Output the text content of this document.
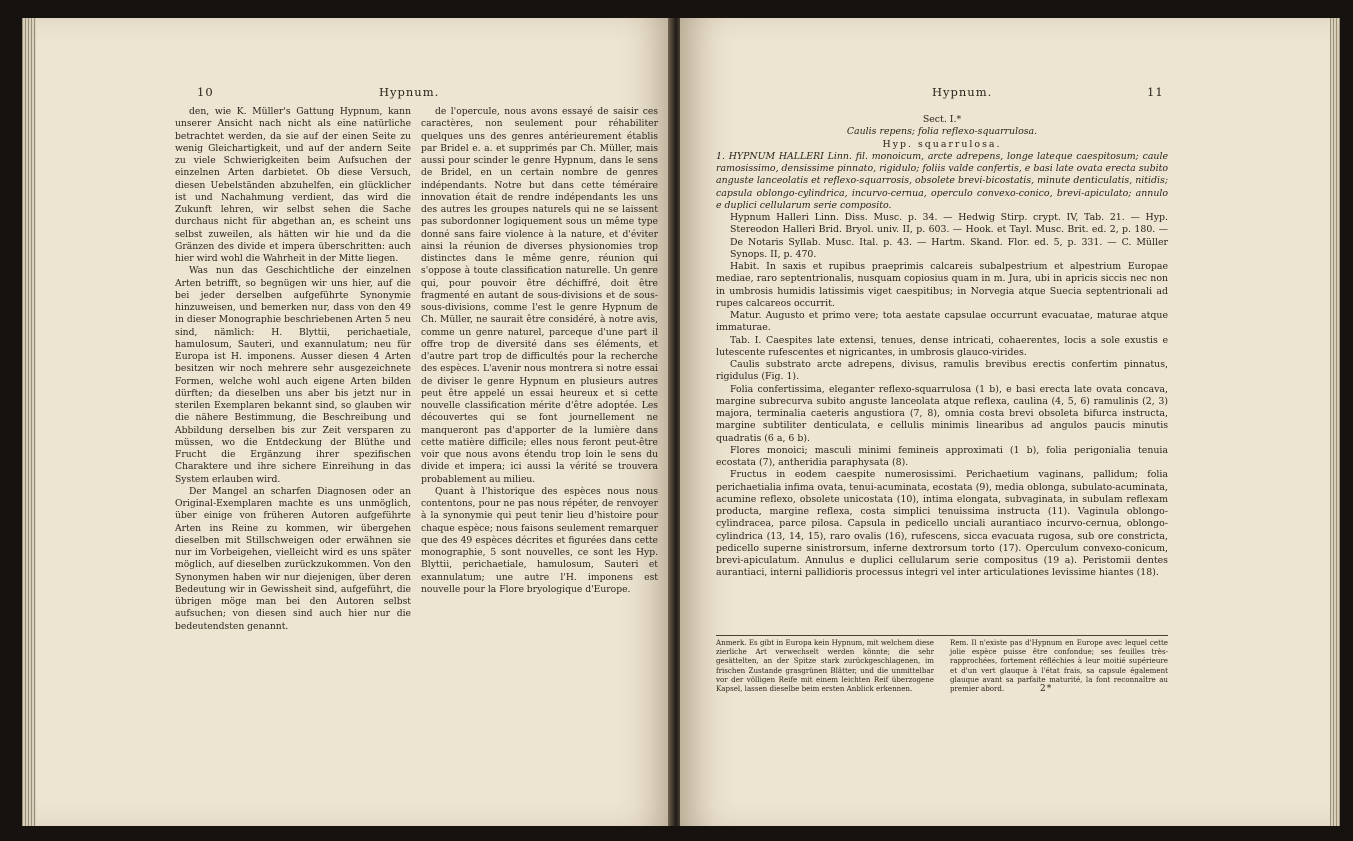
10	Hypnum.

den, wie K. Müller's Gattung Hypnum, kann unserer Ansicht nach nicht als eine natürliche betrachtet werden, da sie auf der einen Seite zu wenig Gleichartigkeit, und auf der andern Seite zu viele Schwierigkeiten beim Aufsuchen der einzelnen Arten darbietet. Ob diese Versuch, diesen Uebelständen abzuhelfen, ein glücklicher ist und Nachahmung verdient, das wird die Zukunft lehren, wir selbst sehen die Sache durchaus nicht für abgethan an, es scheint uns selbst zuweilen, als hätten wir hie und da die Gränzen des divide et impera überschritten: auch hier wird wohl die Wahrheit in der Mitte liegen.

Was nun das Geschichtliche der einzelnen Arten betrifft, so begnügen wir uns hier, auf die bei jeder derselben aufgeführte Synonymie hinzuweisen, und bemerken nur, dass von den 49 in dieser Monographie beschriebenen Arten 5 neu sind, nämlich: H. Blyttii, perichaetiale, hamulosum, Sauteri, und exannulatum; neu für Europa ist H. imponens. Ausser diesen 4 Arten besitzen wir noch mehrere sehr ausgezeichnete Formen, welche wohl auch eigene Arten bilden dürften; da dieselben uns aber bis jetzt nur in sterilen Exemplaren bekannt sind, so glauben wir die nähere Bestimmung, die Beschreibung und Abbildung derselben bis zur Zeit versparen zu müssen, wo die Entdeckung der Blüthe und Frucht die Ergänzung ihrer spezifischen Charaktere und ihre sichere Einreihung in das System erlauben wird.

Der Mangel an scharfen Diagnosen oder an Original-Exemplaren machte es uns unmöglich, über einige von früheren Autoren aufgeführte Arten ins Reine zu kommen, wir übergehen dieselben mit Stillschweigen oder erwähnen sie nur im Vorbeigehen, vielleicht wird es uns später möglich, auf dieselben zurückzukommen. Von den Synonymen haben wir nur diejenigen, über deren Bedeutung wir in Gewissheit sind, aufgeführt, die übrigen möge man bei den Autoren selbst aufsuchen; von diesen sind auch hier nur die bedeutendsten genannt.

de l'opercule, nous avons essayé de saisir ces caractères, non seulement pour réhabiliter quelques uns des genres antérieurement établis par Bridel e. a. et supprimés par Ch. Müller, mais aussi pour scinder le genre Hypnum, dans le sens de Bridel, en un certain nombre de genres indépendants. Notre but dans cette téméraire innovation était de rendre indépendants les uns des autres les groupes naturels qui ne se laissent pas subordonner logiquement sous un même type donné sans faire violence à la nature, et d'éviter ainsi la réunion de diverses physionomies trop distinctes dans le même genre, réunion qui s'oppose à toute classification naturelle. Un genre qui, pour pouvoir être déchiffré, doit être fragmenté en autant de sous-divisions et de sous-sous-divisions, comme l'est le genre Hypnum de Ch. Müller, ne saurait être considéré, à notre avis, comme un genre naturel, parceque d'une part il offre trop de diversité dans ses éléments, et d'autre part trop de difficultés pour la recherche des espèces. L'avenir nous montrera si notre essai de diviser le genre Hypnum en plusieurs autres peut être appelé un essai heureux et si cette nouvelle classification mérite d'être adoptée. Les découvertes qui se font journellement ne manqueront pas d'apporter de la lumière dans cette matière difficile; elles nous feront peut-être voir que nous avons étendu trop loin le sens du divide et impera; ici aussi la vérité se trouvera probablement au milieu.

Quant à l'historique des espèces nous nous contentons, pour ne pas nous répéter, de renvoyer à la synonymie qui peut tenir lieu d'histoire pour chaque espèce; nous faisons seulement remarquer que des 49 espèces décrites et figurées dans cette monographie, 5 sont nouvelles, ce sont les Hyp. Blyttii, perichaetiale, hamulosum, Sauteri et exannulatum; une autre l'H. imponens est nouvelle pour la Flore bryologique d'Europe.

Hypnum.	11

Sect. I.*

Caulis repens; folia reflexo-squarrulosa.

Hyp. squarrulosa.

1. HYPNUM HALLERI Linn. fil. monoicum, arcte adrepens, longe lateque caespitosum; caule ramosissimo, densissime pinnato, rigidulo; foliis valde confertis, e basi late ovata erecta subito anguste lanceolatis et reflexo-squarrosis, obsolete brevi-bicostatis, minute denticulatis, nitidis; capsula oblongo-cylindrica, incurvo-cernua, operculo convexo-conico, brevi-apiculato; annulo e duplici cellularum serie composito.

Hypnum Halleri Linn. Diss. Musc. p. 34. — Hedwig Stirp. crypt. IV, Tab. 21. — Hyp. Stereodon Halleri Brid. Bryol. univ. II, p. 603. — Hook. et Tayl. Musc. Brit. ed. 2, p. 180. — De Notaris Syllab. Musc. Ital. p. 43. — Hartm. Skand. Flor. ed. 5, p. 331. — C. Müller Synops. II, p. 470.

Habit. In saxis et rupibus praeprimis calcareis subalpestrium et alpestrium Europae mediae, raro septentrionalis, nusquam copiosius quam in m. Jura, ubi in apricis siccis nec non in umbrosis humidis latissimis viget caespitibus; in Norvegia atque Suecia septentrionali ad rupes calcareos occurrit.

Matur. Augusto et primo vere; tota aestate capsulae occurrunt evacuatae, maturae atque immaturae.

Tab. I. Caespites late extensi, tenues, dense intricati, cohaerentes, locis a sole exustis e lutescente rufescentes et nigricantes, in umbrosis glauco-virides.

Caulis substrato arcte adrepens, divisus, ramulis brevibus erectis confertim pinnatus, rigidulus (Fig. 1).

Folia confertissima, eleganter reflexo-squarrulosa (1 b), e basi erecta late ovata concava, margine subrecurva subito anguste lanceolata atque reflexa, caulina (4, 5, 6) ramulinis (2, 3) majora, terminalia caeteris angustiora (7, 8), omnia costa brevi obsoleta bifurca instructa, margine subtiliter denticulata, e cellulis minimis linearibus ad angulos paucis minutis quadratis (6 a, 6 b).

Flores monoici; masculi minimi femineis approximati (1 b), folia perigonialia tenuia ecostata (7), antheridia paraphysata (8).

Fructus in eodem caespite numerosissimi. Perichaetium vaginans, pallidum; folia perichaetialia infima ovata, tenui-acuminata, ecostata (9), media oblonga, subulato-acuminata, acumine reflexo, obsolete unicostata (10), intima elongata, subvaginata, in subulam reflexam producta, margine reflexa, costa simplici tenuissima instructa (11). Vaginula oblongo-cylindracea, parce pilosa. Capsula in pedicello unciali aurantiaco incurvo-cernua, oblongo-cylindrica (13, 14, 15), raro ovalis (16), rufescens, sicca evacuata rugosa, sub ore constricta, pedicello superne sinistrorsum, inferne dextrorsum torto (17). Operculum convexo-conicum, brevi-apiculatum. Annulus e duplici cellularum serie compositus (19 a). Peristomii dentes aurantiaci, interni pallidioris processus integri vel inter articulationes levissime hiantes (18).

Anmerk. Es gibt in Europa kein Hypnum, mit welchem diese zierliche Art verwechselt werden könnte; die sehr gesättelten, an der Spitze stark zurückgeschlagenen, im frischen Zustande grasgrünen Blätter, und die unmittelbar vor der völligen Reife mit einem leichten Reif überzogene Kapsel, lassen dieselbe beim ersten Anblick erkennen.
Rem. Il n'existe pas d'Hypnum en Europe avec lequel cette jolie espèce puisse être confondue; ses feuilles très-rapprochées, fortement réfléchies à leur moitié supérieure et d'un vert glauque à l'état frais, sa capsule également glauque avant sa parfaite maturité, la font reconnaître au premier abord.	2*
